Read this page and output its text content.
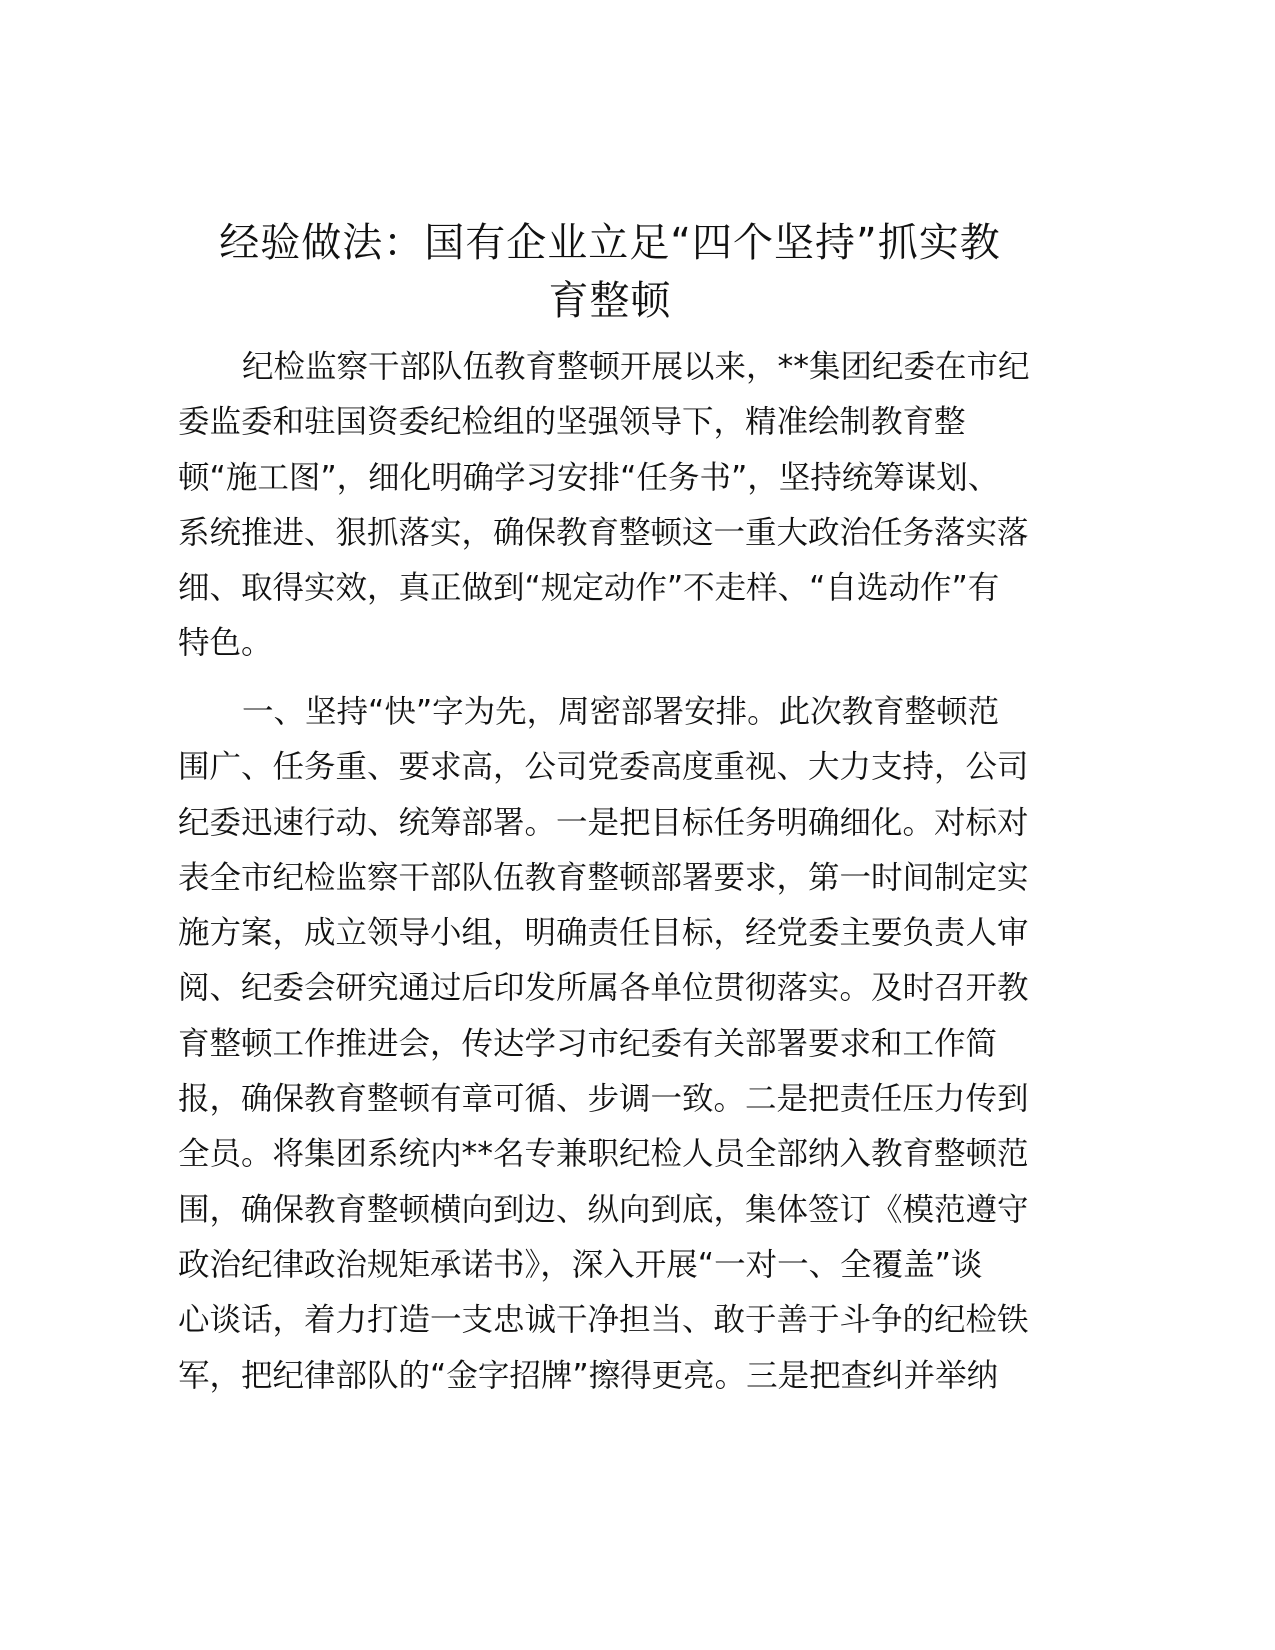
经验做法：国有企业立足“四个坚持”抓实教
育整顿
纪检监察干部队伍教育整顿开展以来，**集团纪委在市纪
委监委和驻国资委纪检组的坚强领导下，精准绘制教育整
顿“施工图”，细化明确学习安排“任务书”，坚持统筹谋划、
系统推进、狠抓落实，确保教育整顿这一重大政治任务落实落
细、取得实效，真正做到“规定动作”不走样、“自选动作”有
特色。
一、坚持“快”字为先，周密部署安排。此次教育整顿范
围广、任务重、要求高，公司党委高度重视、大力支持，公司
纪委迅速行动、统筹部署。一是把目标任务明确细化。对标对
表全市纪检监察干部队伍教育整顿部署要求，第一时间制定实
施方案，成立领导小组，明确责任目标，经党委主要负责人审
阅、纪委会研究通过后印发所属各单位贯彻落实。及时召开教
育整顿工作推进会，传达学习市纪委有关部署要求和工作简
报，确保教育整顿有章可循、步调一致。二是把责任压力传到
全员。将集团系统内**名专兼职纪检人员全部纳入教育整顿范
围，确保教育整顿横向到边、纵向到底，集体签订《模范遵守
政治纪律政治规矩承诺书》，深入开展“一对一、全覆盖”谈
心谈话，着力打造一支忠诚干净担当、敢于善于斗争的纪检铁
军，把纪律部队的“金字招牌”擦得更亮。三是把查纠并举纳
